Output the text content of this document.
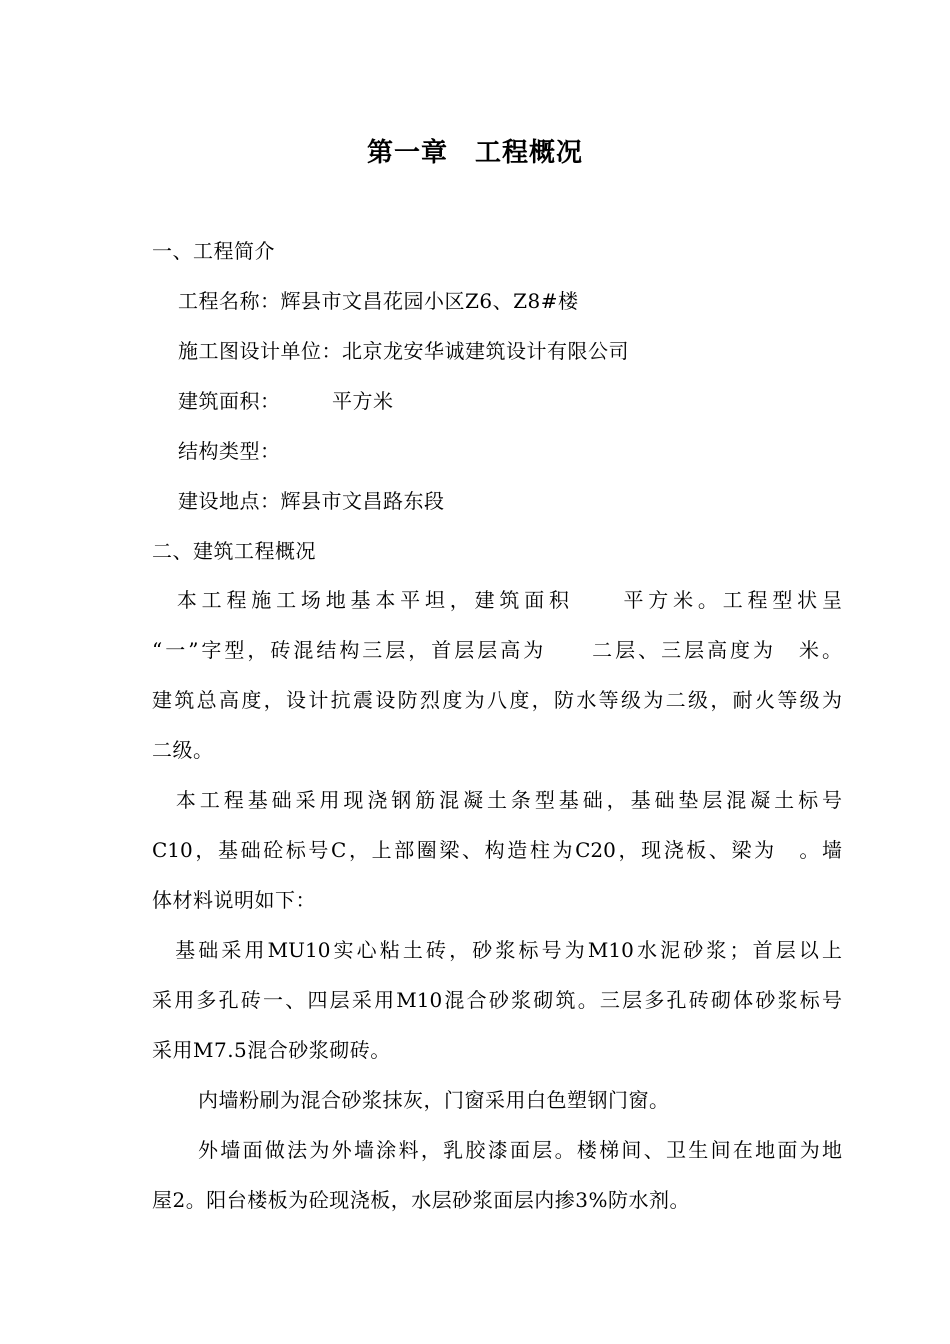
第一章　工程概况
一、工程简介
工程名称：辉县市文昌花园小区Z6、Z8#楼
施工图设计单位：北京龙安华诚建筑设计有限公司
建筑面积：　　　平方米
结构类型：
建设地点：辉县市文昌路东段
二、建筑工程概况
　本工程施工场地基本平坦，建筑面积　　平方米。工程型状呈
“一”字型，砖混结构三层，首层层高为　　二层、三层高度为　米。
建筑总高度，设计抗震设防烈度为八度，防水等级为二级，耐火等级为
二级。
　本工程基础采用现浇钢筋混凝土条型基础，基础垫层混凝土标号
C10，基础砼标号C，上部圈梁、构造柱为C20，现浇板、梁为　。墙
体材料说明如下：
　基础采用MU10实心粘土砖，砂浆标号为M10水泥砂浆；首层以上
采用多孔砖一、四层采用M10混合砂浆砌筑。三层多孔砖砌体砂浆标号
采用M7.5混合砂浆砌砖。
内墙粉刷为混合砂浆抹灰，门窗采用白色塑钢门窗。
外墙面做法为外墙涂料，乳胶漆面层。楼梯间、卫生间在地面为地
屋2。阳台楼板为砼现浇板，水层砂浆面层内掺3%防水剂。
